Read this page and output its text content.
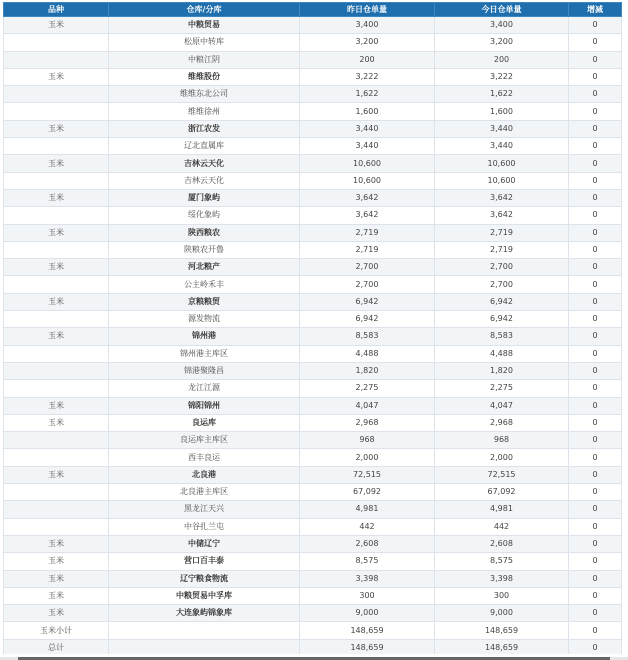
品种	仓库/分库	昨日仓单量	今日仓单量	增减
玉米	中粮贸易	3,400	3,400	0
	松原中转库	3,200	3,200	0
	中粮江阴	200	200	0
玉米	维维股份	3,222	3,222	0
	维维东北公司	1,622	1,622	0
	维维徐州	1,600	1,600	0
玉米	浙江农发	3,440	3,440	0
	辽北直属库	3,440	3,440	0
玉米	吉林云天化	10,600	10,600	0
	吉林云天化	10,600	10,600	0
玉米	厦门象屿	3,642	3,642	0
	绥化象屿	3,642	3,642	0
玉米	陕西粮农	2,719	2,719	0
	陕粮农开鲁	2,719	2,719	0
玉米	河北粮产	2,700	2,700	0
	公主岭禾丰	2,700	2,700	0
玉米	京粮粮贸	6,942	6,942	0
	源发物流	6,942	6,942	0
玉米	锦州港	8,583	8,583	0
	锦州港主库区	4,488	4,488	0
	锦港聚隆昌	1,820	1,820	0
	龙江江源	2,275	2,275	0
玉米	锦阳锦州	4,047	4,047	0
玉米	良运库	2,968	2,968	0
	良运库主库区	968	968	0
	西丰良运	2,000	2,000	0
玉米	北良港	72,515	72,515	0
	北良港主库区	67,092	67,092	0
	黑龙江天兴	4,981	4,981	0
	中谷扎兰屯	442	442	0
玉米	中储辽宁	2,608	2,608	0
玉米	营口百丰泰	8,575	8,575	0
玉米	辽宁粮食物流	3,398	3,398	0
玉米	中粮贸易中孚库	300	300	0
玉米	大连象屿锦象库	9,000	9,000	0
玉米小计		148,659	148,659	0
总计		148,659	148,659	0
